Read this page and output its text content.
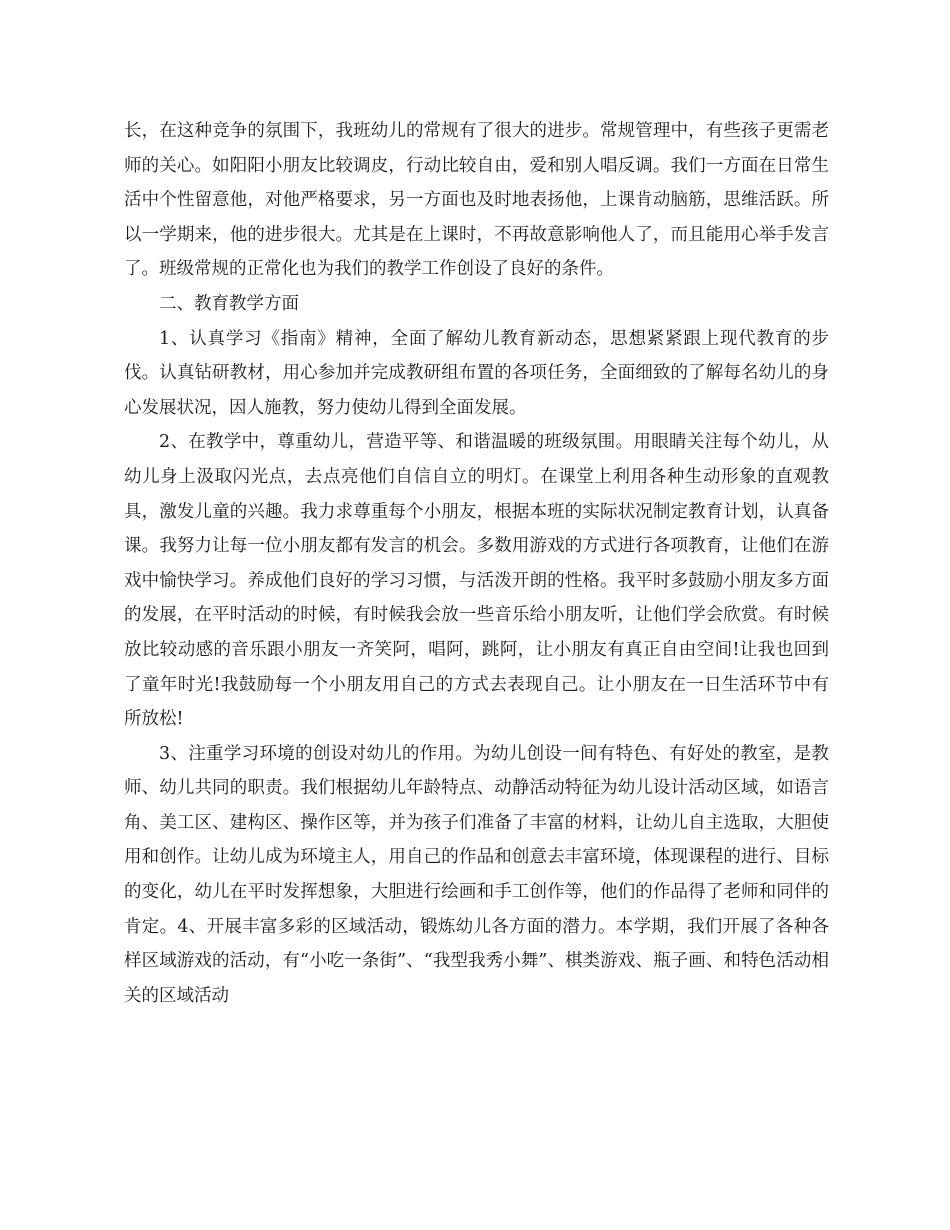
长，在这种竞争的氛围下，我班幼儿的常规有了很大的进步。常规管理中，有些孩子更需老师的关心。如阳阳小朋友比较调皮，行动比较自由，爱和别人唱反调。我们一方面在日常生活中个性留意他，对他严格要求，另一方面也及时地表扬他，上课肯动脑筋，思维活跃。所以一学期来，他的进步很大。尤其是在上课时，不再故意影响他人了，而且能用心举手发言了。班级常规的正常化也为我们的教学工作创设了良好的条件。

二、教育教学方面

1、认真学习《指南》精神，全面了解幼儿教育新动态，思想紧紧跟上现代教育的步伐。认真钻研教材，用心参加并完成教研组布置的各项任务，全面细致的了解每名幼儿的身心发展状况，因人施教，努力使幼儿得到全面发展。

2、在教学中，尊重幼儿，营造平等、和谐温暖的班级氛围。用眼睛关注每个幼儿，从幼儿身上汲取闪光点，去点亮他们自信自立的明灯。在课堂上利用各种生动形象的直观教具，激发儿童的兴趣。我力求尊重每个小朋友，根据本班的实际状况制定教育计划，认真备课。我努力让每一位小朋友都有发言的机会。多数用游戏的方式进行各项教育，让他们在游戏中愉快学习。养成他们良好的学习习惯，与活泼开朗的性格。我平时多鼓励小朋友多方面的发展，在平时活动的时候，有时候我会放一些音乐给小朋友听，让他们学会欣赏。有时候放比较动感的音乐跟小朋友一齐笑阿，唱阿，跳阿，让小朋友有真正自由空间!让我也回到了童年时光!我鼓励每一个小朋友用自己的方式去表现自己。让小朋友在一日生活环节中有所放松!

3、注重学习环境的创设对幼儿的作用。为幼儿创设一间有特色、有好处的教室，是教师、幼儿共同的职责。我们根据幼儿年龄特点、动静活动特征为幼儿设计活动区域，如语言角、美工区、建构区、操作区等，并为孩子们准备了丰富的材料，让幼儿自主选取，大胆使用和创作。让幼儿成为环境主人，用自己的作品和创意去丰富环境，体现课程的进行、目标的变化，幼儿在平时发挥想象，大胆进行绘画和手工创作等，他们的作品得了老师和同伴的肯定。4、开展丰富多彩的区域活动，锻炼幼儿各方面的潜力。本学期，我们开展了各种各样区域游戏的活动，有“小吃一条街”、“我型我秀小舞”、棋类游戏、瓶子画、和特色活动相关的区域活动
